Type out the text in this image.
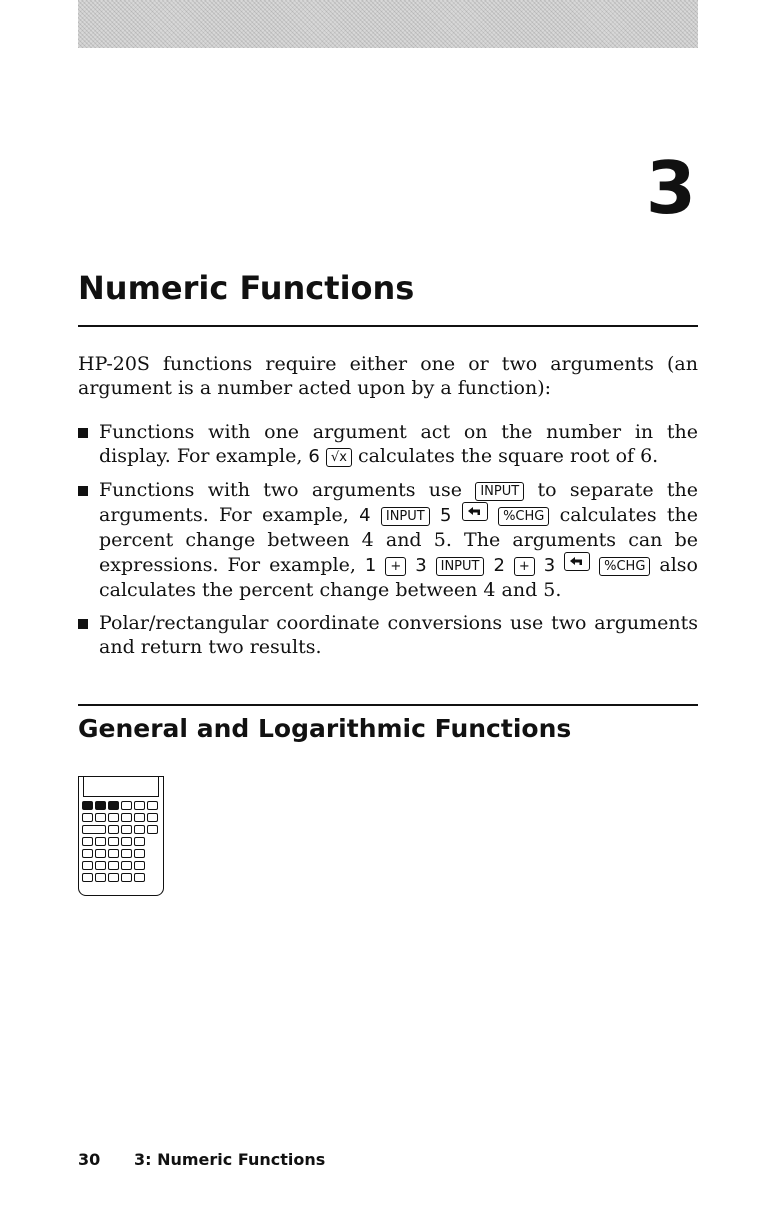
3
Numeric Functions
HP-20S functions require either one or two arguments (an argument is a number acted upon by a function):
Functions with one argument act on the number in the display. For example, 6 √x calculates the square root of 6.
Functions with two arguments use INPUT to separate the arguments. For example, 4 INPUT 5	%CHG calculates the percent change between 4 and 5. The arguments can be expressions. For example, 1 + 3 INPUT 2 + 3	%CHG also calculates the percent change between 4 and 5.
Polar/rectangular coordinate conversions use two arguments and return two results.
General and Logarithmic Functions
30 3: Numeric Functions
